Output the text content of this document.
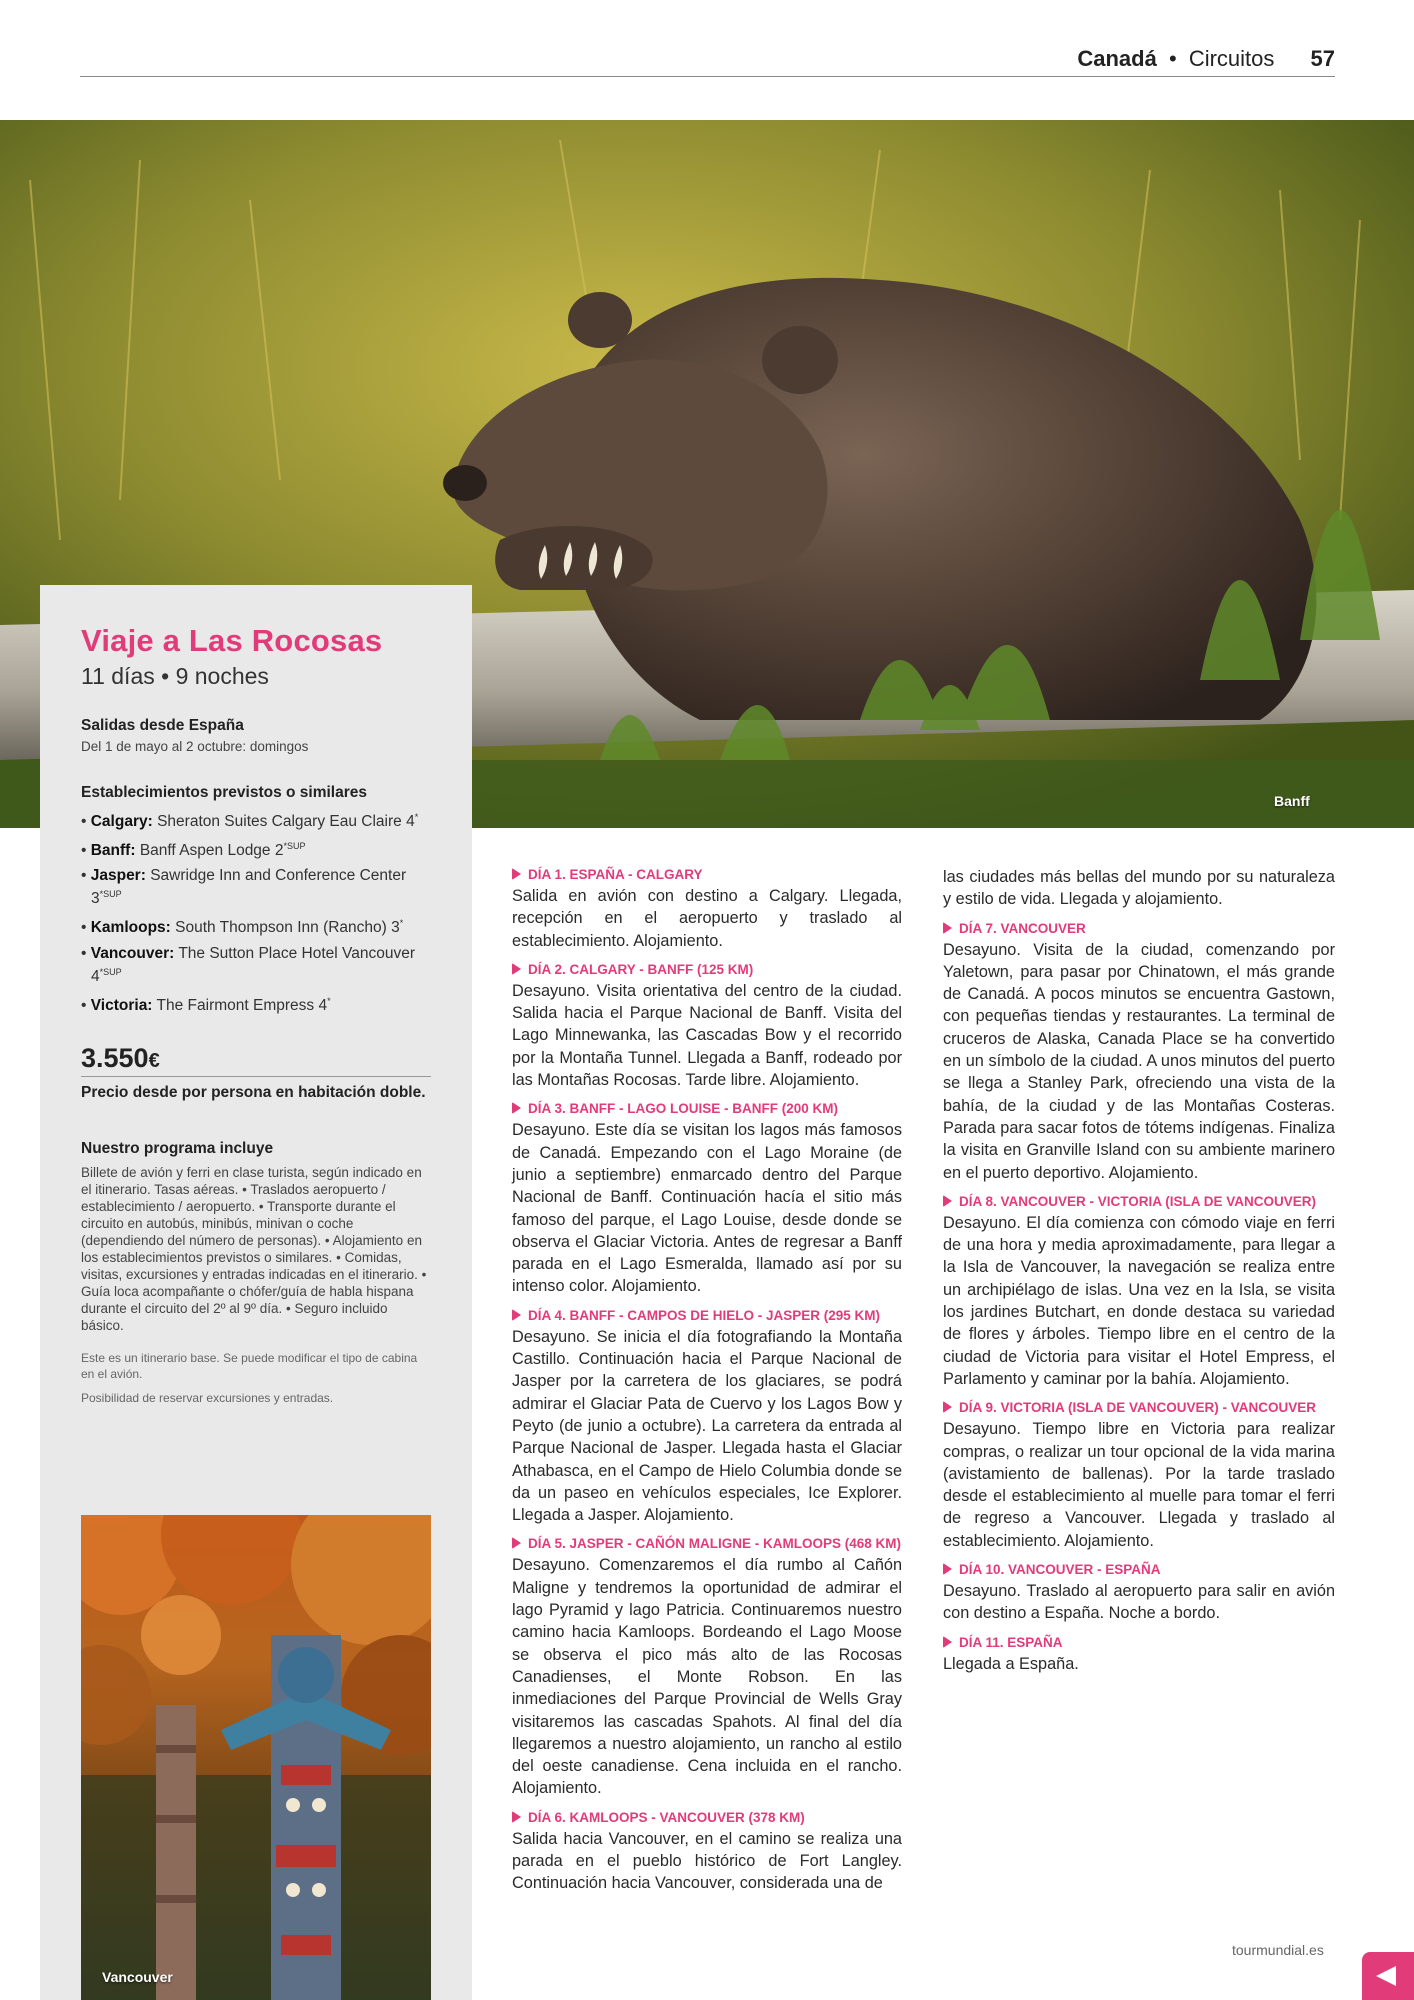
Canadá • Circuitos 57
Banff
Viaje a Las Rocosas
11 días • 9 noches
Salidas desde España
Del 1 de mayo al 2 octubre: domingos
Establecimientos previstos o similares
• Calgary: Sheraton Suites Calgary Eau Claire 4*
• Banff: Banff Aspen Lodge $2^{*SUP}$
• Jasper: Sawridge Inn and Conference Center $3^{*SUP}$
• Kamloops: South Thompson Inn (Rancho) 3*
• Vancouver: The Sutton Place Hotel Vancouver $4^{*SUP}$
• Victoria: The Fairmont Empress 4*
3.550€
Precio desde por persona en habitación doble.
Nuestro programa incluye
Billete de avión y ferri en clase turista, según indicado en el itinerario. Tasas aéreas. • Traslados aeropuerto / establecimiento / aeropuerto. • Transporte durante el circuito en autobús, minibús, minivan o coche (dependiendo del número de personas). • Alojamiento en los establecimientos previstos o similares. • Comidas, visitas, excursiones y entradas indicadas en el itinerario. • Guía loca acompañante o chófer/guía de habla hispana durante el circuito del 2º al 9º día. • Seguro incluido básico.
Este es un itinerario base. Se puede modificar el tipo de cabina en el avión.
Posibilidad de reservar excursiones y entradas.
Vancouver
DÍA 1. ESPAÑA - CALGARY
Salida en avión con destino a Calgary. Llegada, recepción en el aeropuerto y traslado al establecimiento. Alojamiento.
DÍA 2. CALGARY - BANFF (125 KM)
Desayuno. Visita orientativa del centro de la ciudad. Salida hacia el Parque Nacional de Banff. Visita del Lago Minnewanka, las Cascadas Bow y el recorrido por la Montaña Tunnel. Llegada a Banff, rodeado por las Montañas Rocosas. Tarde libre. Alojamiento.
DÍA 3. BANFF - LAGO LOUISE - BANFF (200 KM)
Desayuno. Este día se visitan los lagos más famosos de Canadá. Empezando con el Lago Moraine (de junio a septiembre) enmarcado dentro del Parque Nacional de Banff. Continuación hacía el sitio más famoso del parque, el Lago Louise, desde donde se observa el Glaciar Victoria. Antes de regresar a Banff parada en el Lago Esmeralda, llamado así por su intenso color. Alojamiento.
DÍA 4. BANFF - CAMPOS DE HIELO - JASPER (295 KM)
Desayuno. Se inicia el día fotografiando la Montaña Castillo. Continuación hacia el Parque Nacional de Jasper por la carretera de los glaciares, se podrá admirar el Glaciar Pata de Cuervo y los Lagos Bow y Peyto (de junio a octubre). La carretera da entrada al Parque Nacional de Jasper. Llegada hasta el Glaciar Athabasca, en el Campo de Hielo Columbia donde se da un paseo en vehículos especiales, Ice Explorer. Llegada a Jasper. Alojamiento.
DÍA 5. JASPER - CAÑÓN MALIGNE - KAMLOOPS (468 KM)
Desayuno. Comenzaremos el día rumbo al Cañón Maligne y tendremos la oportunidad de admirar el lago Pyramid y lago Patricia. Continuaremos nuestro camino hacia Kamloops. Bordeando el Lago Moose se observa el pico más alto de las Rocosas Canadienses, el Monte Robson. En las inmediaciones del Parque Provincial de Wells Gray visitaremos las cascadas Spahots. Al final del día llegaremos a nuestro alojamiento, un rancho al estilo del oeste canadiense. Cena incluida en el rancho. Alojamiento.
DÍA 6. KAMLOOPS - VANCOUVER (378 KM)
Salida hacia Vancouver, en el camino se realiza una parada en el pueblo histórico de Fort Langley. Continuación hacia Vancouver, considerada una de
las ciudades más bellas del mundo por su naturaleza y estilo de vida. Llegada y alojamiento.
DÍA 7. VANCOUVER
Desayuno. Visita de la ciudad, comenzando por Yaletown, para pasar por Chinatown, el más grande de Canadá. A pocos minutos se encuentra Gastown, con pequeñas tiendas y restaurantes. La terminal de cruceros de Alaska, Canada Place se ha convertido en un símbolo de la ciudad. A unos minutos del puerto se llega a Stanley Park, ofreciendo una vista de la bahía, de la ciudad y de las Montañas Costeras. Parada para sacar fotos de tótems indígenas. Finaliza la visita en Granville Island con su ambiente marinero en el puerto deportivo. Alojamiento.
DÍA 8. VANCOUVER - VICTORIA (ISLA DE VANCOUVER)
Desayuno. El día comienza con cómodo viaje en ferri de una hora y media aproximadamente, para llegar a la Isla de Vancouver, la navegación se realiza entre un archipiélago de islas. Una vez en la Isla, se visita los jardines Butchart, en donde destaca su variedad de flores y árboles. Tiempo libre en el centro de la ciudad de Victoria para visitar el Hotel Empress, el Parlamento y caminar por la bahía. Alojamiento.
DÍA 9. VICTORIA (ISLA DE VANCOUVER) - VANCOUVER
Desayuno. Tiempo libre en Victoria para realizar compras, o realizar un tour opcional de la vida marina (avistamiento de ballenas). Por la tarde traslado desde el establecimiento al muelle para tomar el ferri de regreso a Vancouver. Llegada y traslado al establecimiento. Alojamiento.
DÍA 10. VANCOUVER - ESPAÑA
Desayuno. Traslado al aeropuerto para salir en avión con destino a España. Noche a bordo.
DÍA 11. ESPAÑA
Llegada a España.
tourmundial.es
